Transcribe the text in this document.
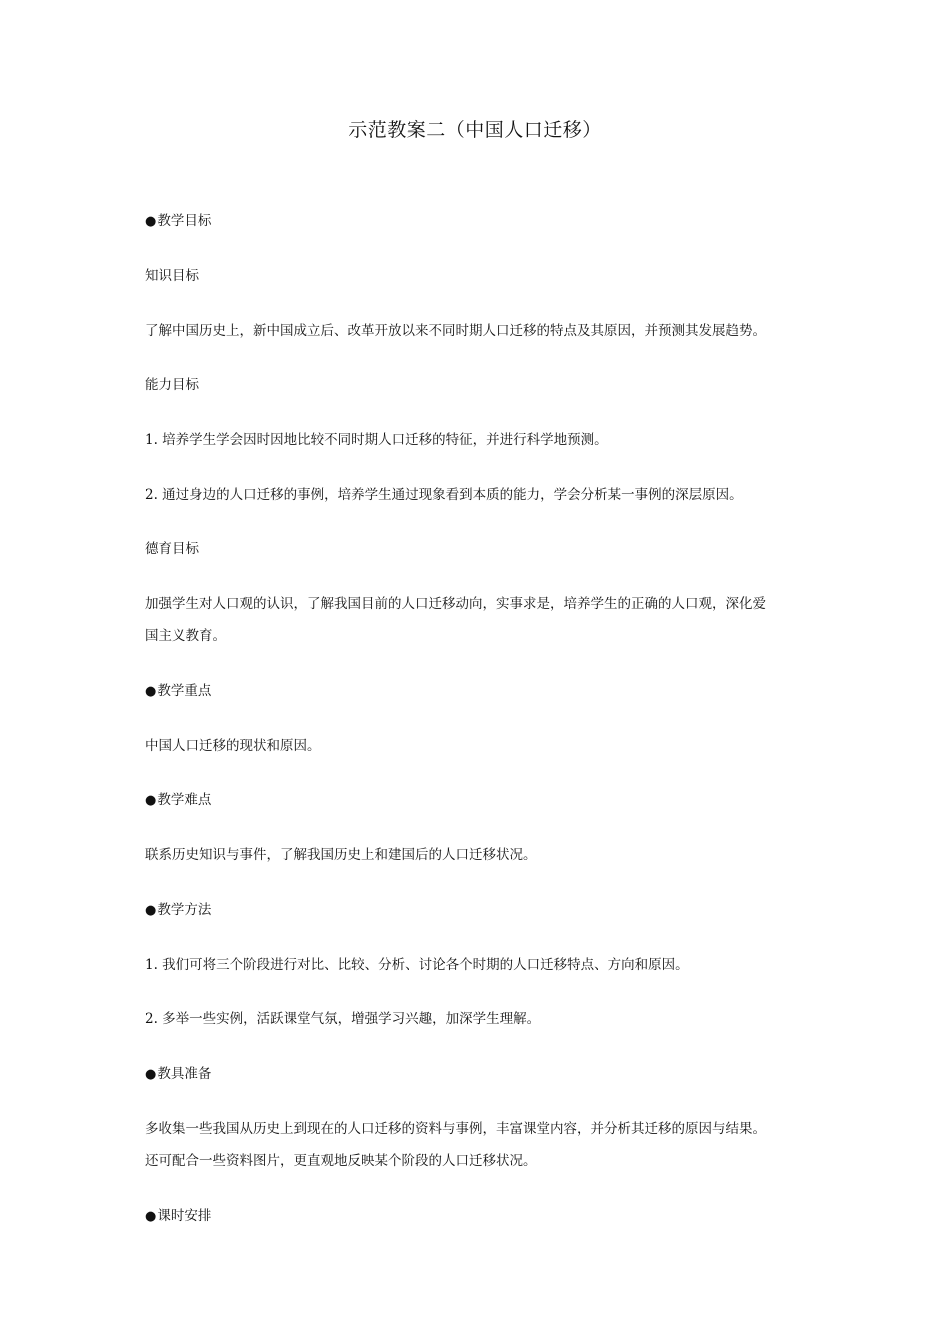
示范教案二（中国人口迁移）
●教学目标
知识目标
了解中国历史上，新中国成立后、改革开放以来不同时期人口迁移的特点及其原因，并预测其发展趋势。
能力目标
1. 培养学生学会因时因地比较不同时期人口迁移的特征，并进行科学地预测。
2. 通过身边的人口迁移的事例，培养学生通过现象看到本质的能力，学会分析某一事例的深层原因。
德育目标
加强学生对人口观的认识，了解我国目前的人口迁移动向，实事求是，培养学生的正确的人口观，深化爱
国主义教育。
●教学重点
中国人口迁移的现状和原因。
●教学难点
联系历史知识与事件，了解我国历史上和建国后的人口迁移状况。
●教学方法
1. 我们可将三个阶段进行对比、比较、分析、讨论各个时期的人口迁移特点、方向和原因。
2. 多举一些实例，活跃课堂气氛，增强学习兴趣，加深学生理解。
●教具准备
多收集一些我国从历史上到现在的人口迁移的资料与事例，丰富课堂内容，并分析其迁移的原因与结果。
还可配合一些资料图片，更直观地反映某个阶段的人口迁移状况。
●课时安排
